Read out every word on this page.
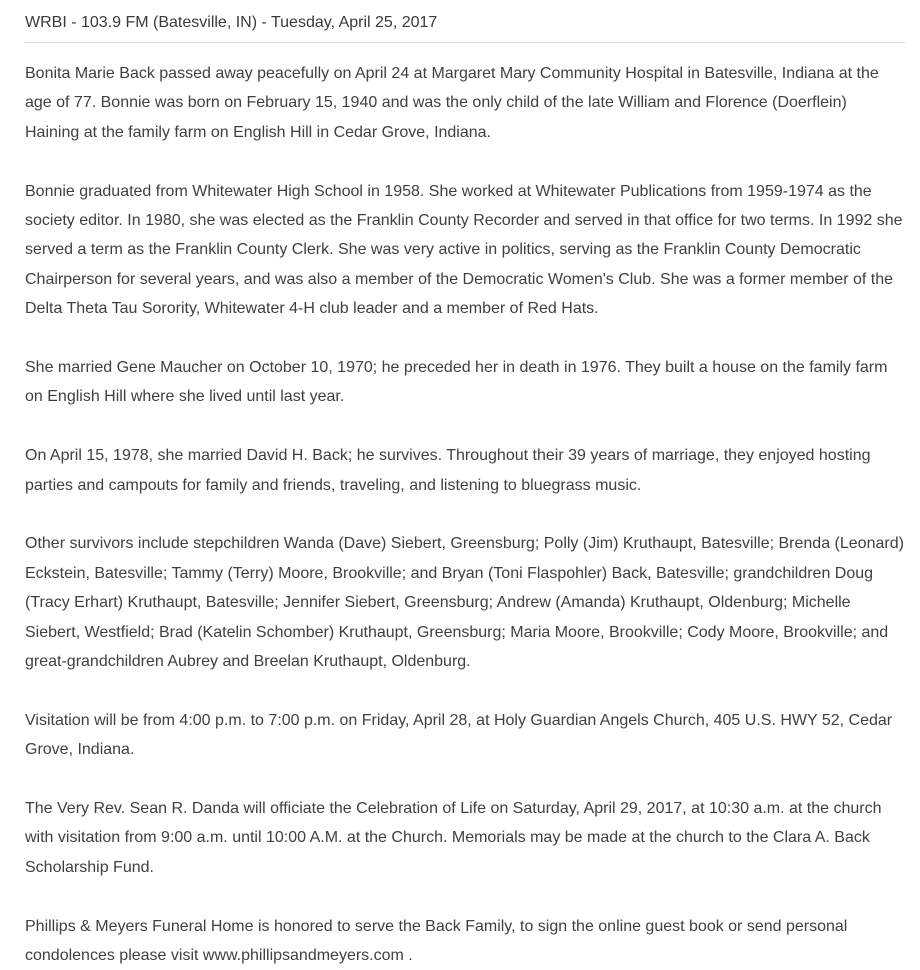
WRBI - 103.9 FM (Batesville, IN) - Tuesday, April 25, 2017

Bonita Marie Back passed away peacefully on April 24 at Margaret Mary Community Hospital in Batesville, Indiana at the age of 77. Bonnie was born on February 15, 1940 and was the only child of the late William and Florence (Doerflein) Haining at the family farm on English Hill in Cedar Grove, Indiana.

Bonnie graduated from Whitewater High School in 1958. She worked at Whitewater Publications from 1959-1974 as the society editor. In 1980, she was elected as the Franklin County Recorder and served in that office for two terms. In 1992 she served a term as the Franklin County Clerk. She was very active in politics, serving as the Franklin County Democratic Chairperson for several years, and was also a member of the Democratic Women's Club. She was a former member of the Delta Theta Tau Sorority, Whitewater 4-H club leader and a member of Red Hats.

She married Gene Maucher on October 10, 1970; he preceded her in death in 1976. They built a house on the family farm on English Hill where she lived until last year.

On April 15, 1978, she married David H. Back; he survives. Throughout their 39 years of marriage, they enjoyed hosting parties and campouts for family and friends, traveling, and listening to bluegrass music.

Other survivors include stepchildren Wanda (Dave) Siebert, Greensburg; Polly (Jim) Kruthaupt, Batesville; Brenda (Leonard) Eckstein, Batesville; Tammy (Terry) Moore, Brookville; and Bryan (Toni Flaspohler) Back, Batesville; grandchildren Doug (Tracy Erhart) Kruthaupt, Batesville; Jennifer Siebert, Greensburg; Andrew (Amanda) Kruthaupt, Oldenburg; Michelle Siebert, Westfield; Brad (Katelin Schomber) Kruthaupt, Greensburg; Maria Moore, Brookville; Cody Moore, Brookville; and great-grandchildren Aubrey and Breelan Kruthaupt, Oldenburg.

Visitation will be from 4:00 p.m. to 7:00 p.m. on Friday, April 28, at Holy Guardian Angels Church, 405 U.S. HWY 52, Cedar Grove, Indiana.

The Very Rev. Sean R. Danda will officiate the Celebration of Life on Saturday, April 29, 2017, at 10:30 a.m. at the church with visitation from 9:00 a.m. until 10:00 A.M. at the Church. Memorials may be made at the church to the Clara A. Back Scholarship Fund.

Phillips & Meyers Funeral Home is honored to serve the Back Family, to sign the online guest book or send personal condolences please visit www.phillipsandmeyers.com .
